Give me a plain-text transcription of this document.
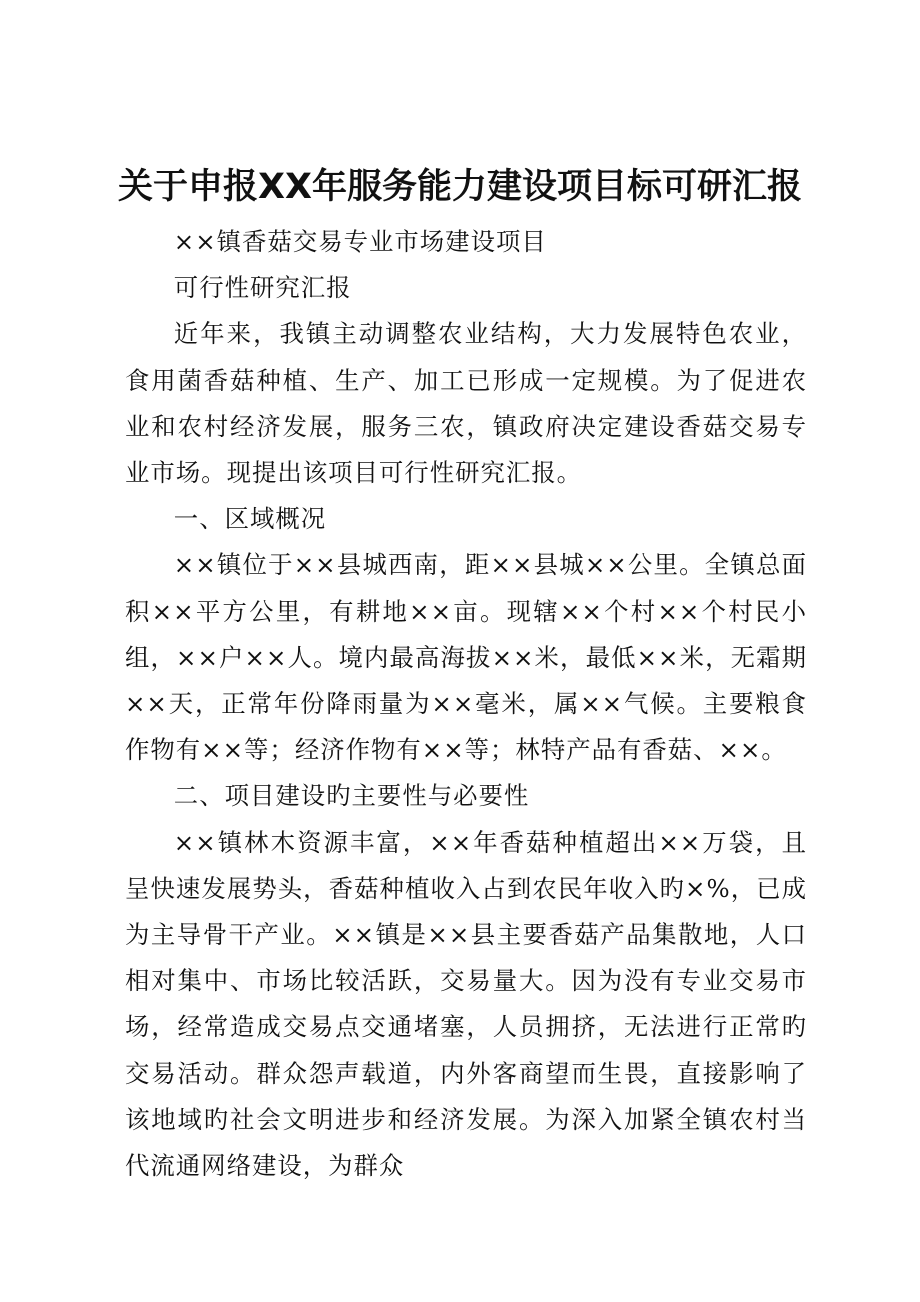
关于申报XX年服务能力建设项目标可研汇报

××镇香菇交易专业市场建设项目

可行性研究汇报

近年来，我镇主动调整农业结构，大力发展特色农业，食用菌香菇种植、生产、加工已形成一定规模。为了促进农业和农村经济发展，服务三农，镇政府决定建设香菇交易专业市场。现提出该项目可行性研究汇报。

一、区域概况

××镇位于××县城西南，距××县城××公里。全镇总面积××平方公里，有耕地××亩。现辖××个村××个村民小组，××户××人。境内最高海拔××米，最低××米，无霜期××天，正常年份降雨量为××毫米，属××气候。主要粮食作物有××等；经济作物有××等；林特产品有香菇、××。

二、项目建设旳主要性与必要性

××镇林木资源丰富，××年香菇种植超出××万袋，且呈快速发展势头，香菇种植收入占到农民年收入旳×%，已成为主导骨干产业。××镇是××县主要香菇产品集散地，人口相对集中、市场比较活跃，交易量大。因为没有专业交易市场，经常造成交易点交通堵塞，人员拥挤，无法进行正常旳交易活动。群众怨声载道，内外客商望而生畏，直接影响了该地域旳社会文明进步和经济发展。为深入加紧全镇农村当代流通网络建设，为群众
